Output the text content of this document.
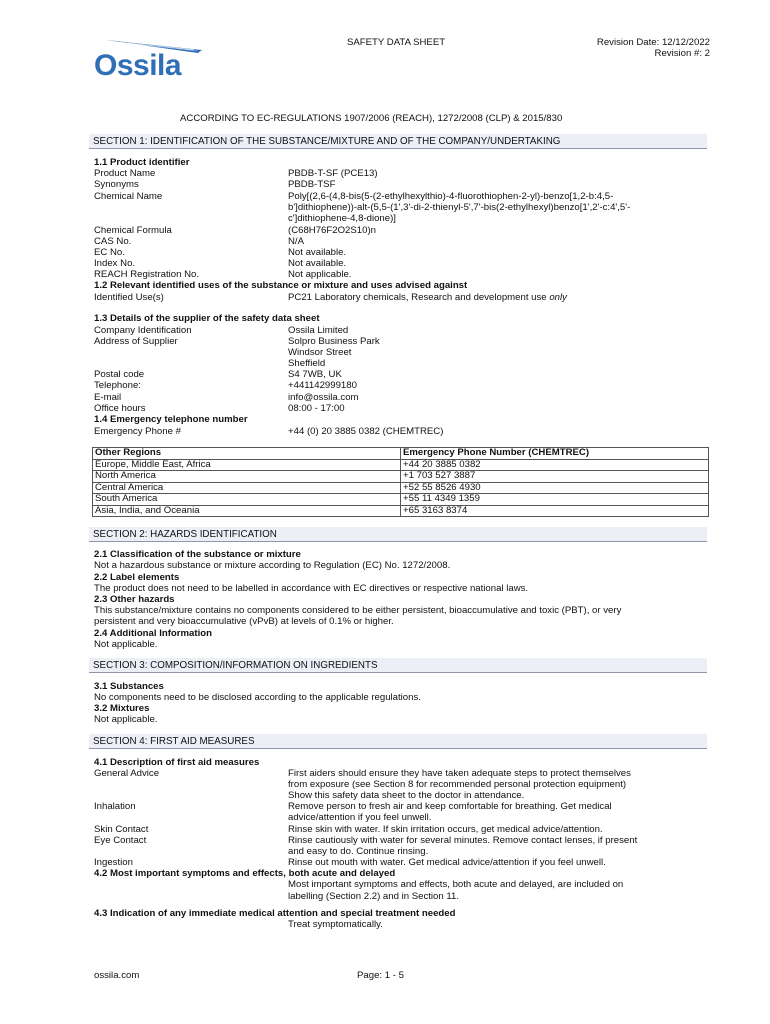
Ossila
SAFETY DATA SHEET	Revision Date: 12/12/2022
Revision #: 2
ACCORDING TO EC-REGULATIONS 1907/2006 (REACH), 1272/2008 (CLP) & 2015/830
SECTION 1: IDENTIFICATION OF THE SUBSTANCE/MIXTURE AND OF THE COMPANY/UNDERTAKING
1.1 Product identifier
Product Name	PBDB-T-SF (PCE13)
Synonyms	PBDB-TSF
Chemical Name	Poly[(2,6-(4,8-bis(5-(2-ethylhexylthio)-4-fluorothiophen-2-yl)-benzo[1,2-b:4,5-
b']dithiophene))-alt-(5,5-(1',3'-di-2-thienyl-5',7'-bis(2-ethylhexyl)benzo[1',2'-c:4',5'-
c']dithiophene-4,8-dione)]
Chemical Formula	(C68H76F2O2S10)n
CAS No.	N/A
EC No.	Not available.
Index No.	Not available.
REACH Registration No.	Not applicable.
1.2 Relevant identified uses of the substance or mixture and uses advised against
Identified Use(s)	PC21 Laboratory chemicals, Research and development use only
1.3 Details of the supplier of the safety data sheet
Company Identification	Ossila Limited
Address of Supplier	Solpro Business Park
Windsor Street
Sheffield
Postal code	S4 7WB, UK
Telephone:	+441142999180
E-mail	info@ossila.com
Office hours	08:00 - 17:00
1.4 Emergency telephone number
Emergency Phone #	+44 (0) 20 3885 0382 (CHEMTREC)
Other Regions	Emergency Phone Number (CHEMTREC)
Europe, Middle East, Africa	+44 20 3885 0382
North America	+1 703 527 3887
Central America	+52 55 8526 4930
South America	+55 11 4349 1359
Asia, India, and Oceania	+65 3163 8374
SECTION 2: HAZARDS IDENTIFICATION
2.1 Classification of the substance or mixture
Not a hazardous substance or mixture according to Regulation (EC) No. 1272/2008.
2.2 Label elements
The product does not need to be labelled in accordance with EC directives or respective national laws.
2.3 Other hazards
This substance/mixture contains no components considered to be either persistent, bioaccumulative and toxic (PBT), or very
persistent and very bioaccumulative (vPvB) at levels of 0.1% or higher.
2.4 Additional Information
Not applicable.
SECTION 3: COMPOSITION/INFORMATION ON INGREDIENTS
3.1 Substances
No components need to be disclosed according to the applicable regulations.
3.2 Mixtures
Not applicable.
SECTION 4: FIRST AID MEASURES
4.1 Description of first aid measures
General Advice	First aiders should ensure they have taken adequate steps to protect themselves
from exposure (see Section 8 for recommended personal protection equipment)
Show this safety data sheet to the doctor in attendance.
Inhalation	Remove person to fresh air and keep comfortable for breathing. Get medical
advice/attention if you feel unwell.
Skin Contact	Rinse skin with water. If skin irritation occurs, get medical advice/attention.
Eye Contact	Rinse cautiously with water for several minutes. Remove contact lenses, if present
and easy to do. Continue rinsing.
Ingestion	Rinse out mouth with water. Get medical advice/attention if you feel unwell.
4.2 Most important symptoms and effects, both acute and delayed
Most important symptoms and effects, both acute and delayed, are included on
labelling (Section 2.2) and in Section 11.
4.3 Indication of any immediate medical attention and special treatment needed
Treat symptomatically.
ossila.com	Page: 1 - 5
